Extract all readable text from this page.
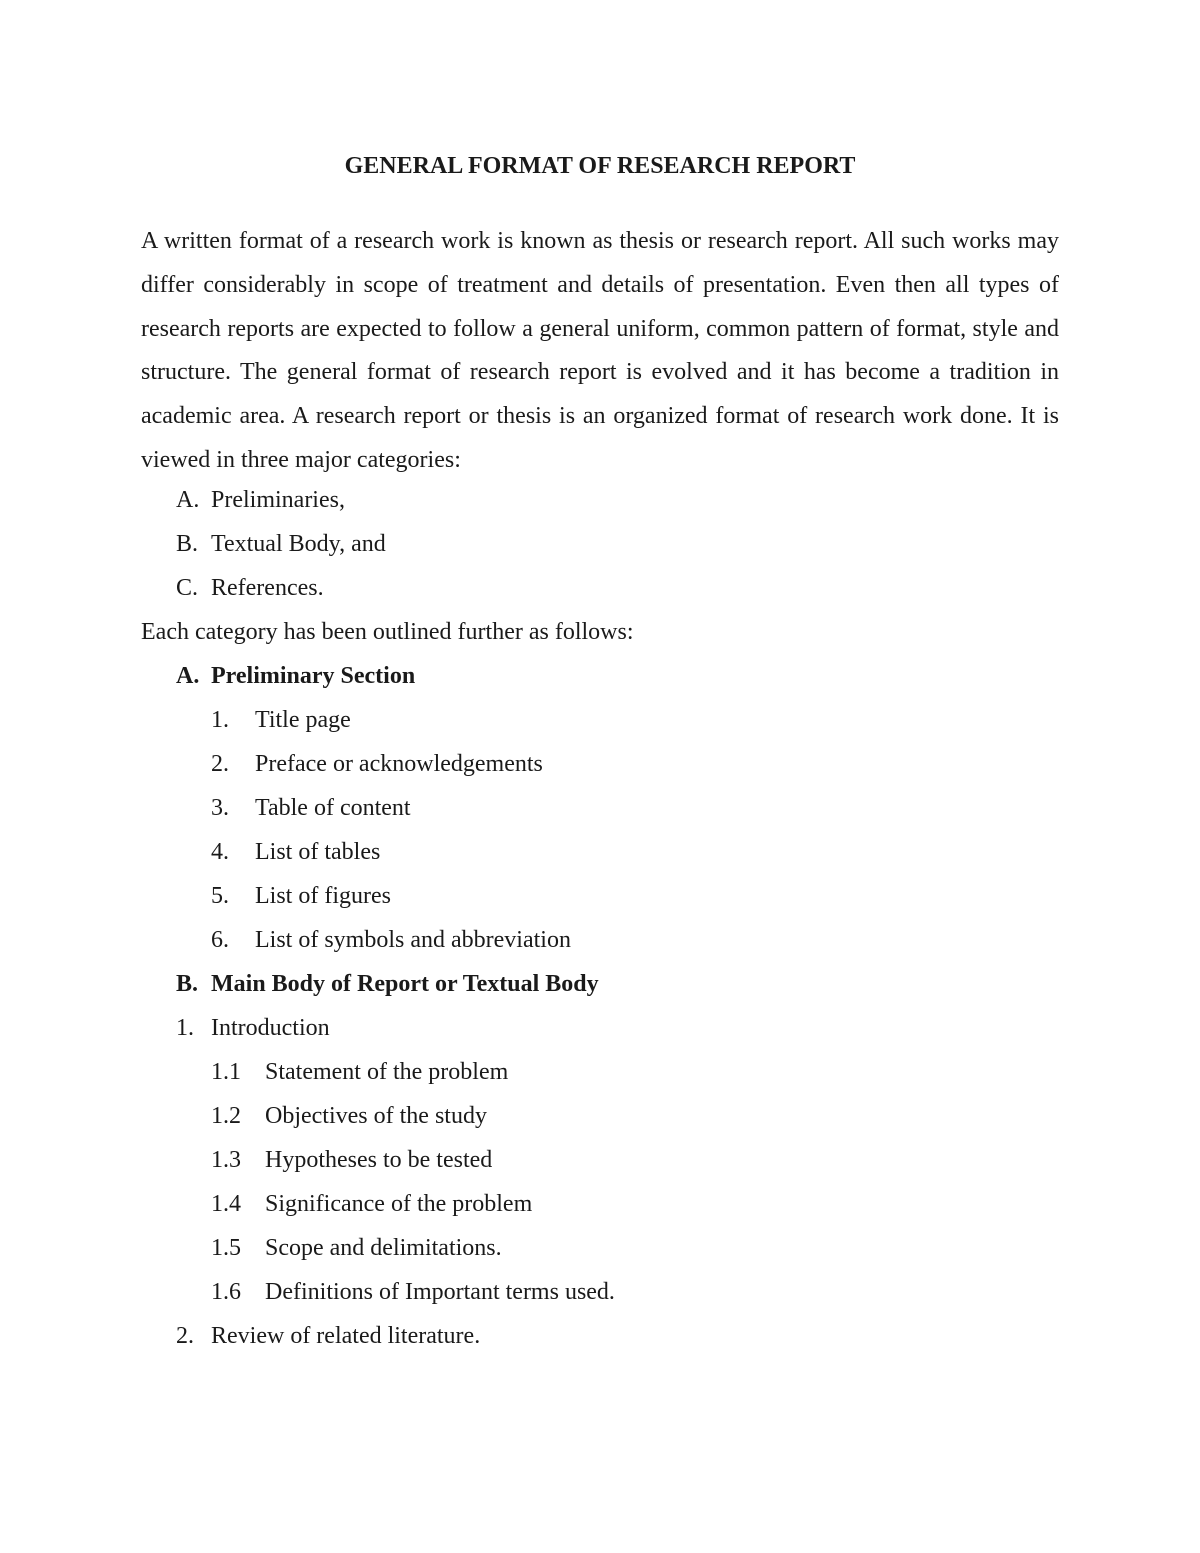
GENERAL FORMAT OF RESEARCH REPORT

A written format of a research work is known as thesis or research report. All such works may differ considerably in scope of treatment and details of presentation. Even then all types of research reports are expected to follow a general uniform, common pattern of format, style and structure. The general format of research report is evolved and it has become a tradition in academic area. A research report or thesis is an organized format of research work done. It is viewed in three major categories:

A. Preliminaries,
B. Textual Body, and
C. References.
Each category has been outlined further as follows:
A. Preliminary Section
1. Title page
2. Preface or acknowledgements
3. Table of content
4. List of tables
5. List of figures
6. List of symbols and abbreviation
B. Main Body of Report or Textual Body
1. Introduction
1.1 Statement of the problem
1.2 Objectives of the study
1.3 Hypotheses to be tested
1.4 Significance of the problem
1.5 Scope and delimitations.
1.6 Definitions of Important terms used.
2. Review of related literature.
